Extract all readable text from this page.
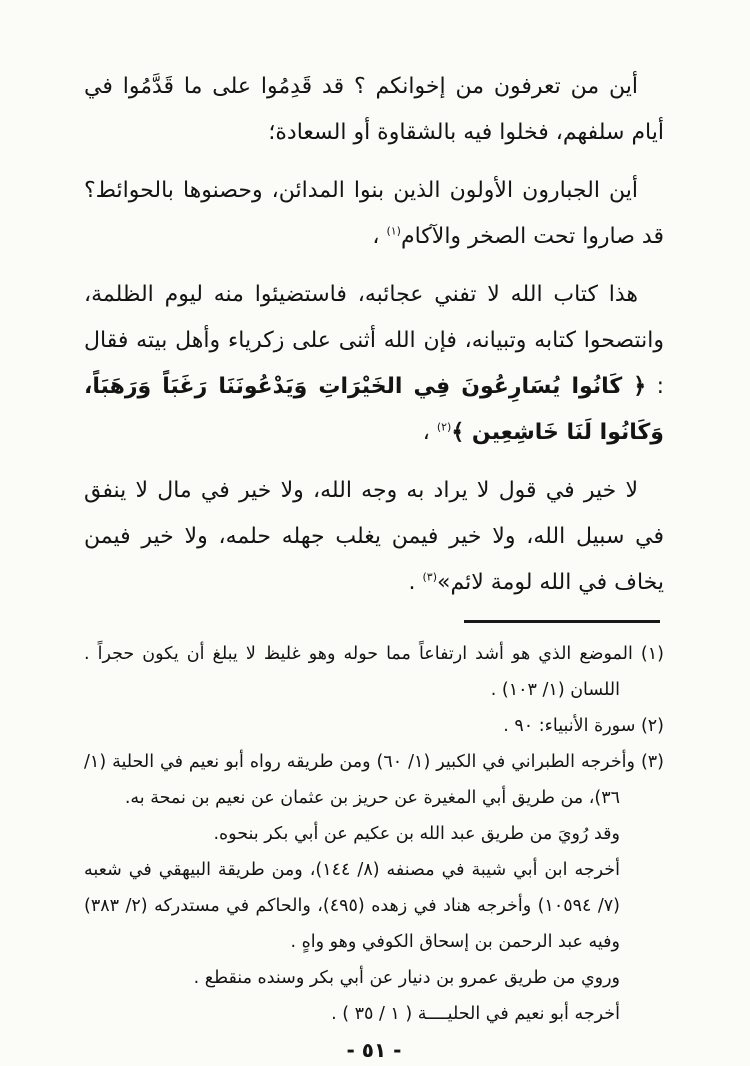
أين من تعرفون من إخوانكم ؟ قد قَدِمُوا على ما قَدَّمُوا في أيام سلفهم، فخلوا فيه بالشقاوة أو السعادة؛

أين الجبارون الأولون الذين بنوا المدائن، وحصنوها بالحوائط؟ قد صاروا تحت الصخر والآكام$^{(١)}$ ،

هذا كتاب الله لا تفني عجائبه، فاستضيئوا منه ليوم الظلمة، وانتصحوا كتابه وتبيانه، فإن الله أثنى على زكرياء وأهل بيته فقال : ﴿ كَانُوا يُسَارِعُونَ فِي الخَيْرَاتِ وَيَدْعُونَنَا رَغَبَاً وَرَهَبَاً، وَكَانُوا لَنَا خَاشِعِين ﴾$^{(٢)}$ ،

لا خير في قول لا يراد به وجه الله، ولا خير في مال لا ينفق في سبيل الله، ولا خير فيمن يغلب جهله حلمه، ولا خير فيمن يخاف في الله لومة لائم»$^{(٣)}$ .

(١) الموضع الذي هو أشد ارتفاعاً مما حوله وهو غليظ لا يبلغ أن يكون حجراً . اللسان (١/ ١٠٣) .
(٢) سورة الأنبياء: ٩٠ .
(٣) وأخرجه الطبراني في الكبير (١/ ٦٠) ومن طريقه رواه أبو نعيم في الحلية (١/ ٣٦)، من طريق أبي المغيرة عن حريز بن عثمان عن نعيم بن نمحة به.
وقد رُويَ من طريق عبد الله بن عكيم عن أبي بكر بنحوه.
أخرجه ابن أبي شيبة في مصنفه (٨/ ١٤٤)، ومن طريقة البيهقي في شعبه (٧/ ١٠٥٩٤) وأخرجه هناد في زهده (٤٩٥)، والحاكم في مستدركه (٢/ ٣٨٣) وفيه عبد الرحمن بن إسحاق الكوفي وهو واهٍ .
وروي من طريق عمرو بن دنيار عن أبي بكر وسنده منقطع .
أخرجه أبو نعيم في الحليــــة ( ١ / ٣٥ ) .
- ٥١ -
